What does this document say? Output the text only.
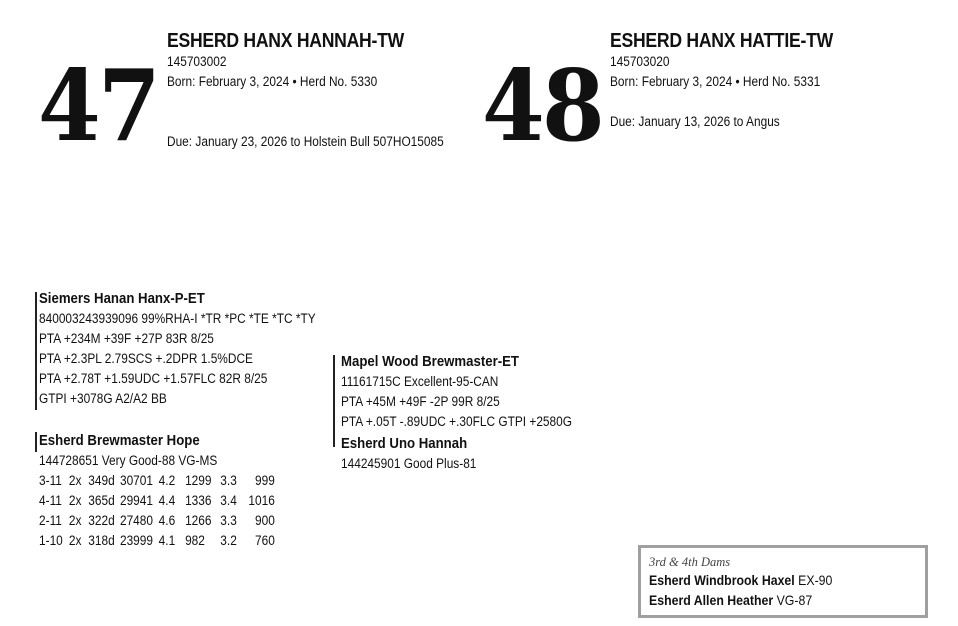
47	48
ESHERD HANX HANNAH-TW
145703002
Born: February 3, 2024 • Herd No. 5330
Due: January 23, 2026 to Holstein Bull 507HO15085
ESHERD HANX HATTIE-TW
145703020
Born: February 3, 2024 • Herd No. 5331
Due: January 13, 2026 to Angus
Siemers Hanan Hanx-P-ET
840003243939096 99%RHA-I *TR *PC *TE *TC *TY
PTA +234M +39F +27P 83R 8/25
PTA +2.3PL 2.79SCS +.2DPR 1.5%DCE
PTA +2.78T +1.59UDC +1.57FLC 82R 8/25
GTPI +3078G A2/A2 BB
Esherd Brewmaster Hope
144728651 Very Good-88 VG-MS
3-11 2x 349d 30701 4.2 1299 3.3	999
4-11 2x 365d 29941 4.4 1336 3.4 1016
2-11 2x 322d 27480 4.6 1266 3.3	900
1-10 2x 318d 23999 4.1 982	3.2	760
Mapel Wood Brewmaster-ET
11161715C Excellent-95-CAN
PTA +45M +49F -2P 99R 8/25
PTA +.05T -.89UDC +.30FLC GTPI +2580G
Esherd Uno Hannah
144245901 Good Plus-81
3rd & 4th Dams
Esherd Windbrook Haxel EX-90
Esherd Allen Heather VG-87
